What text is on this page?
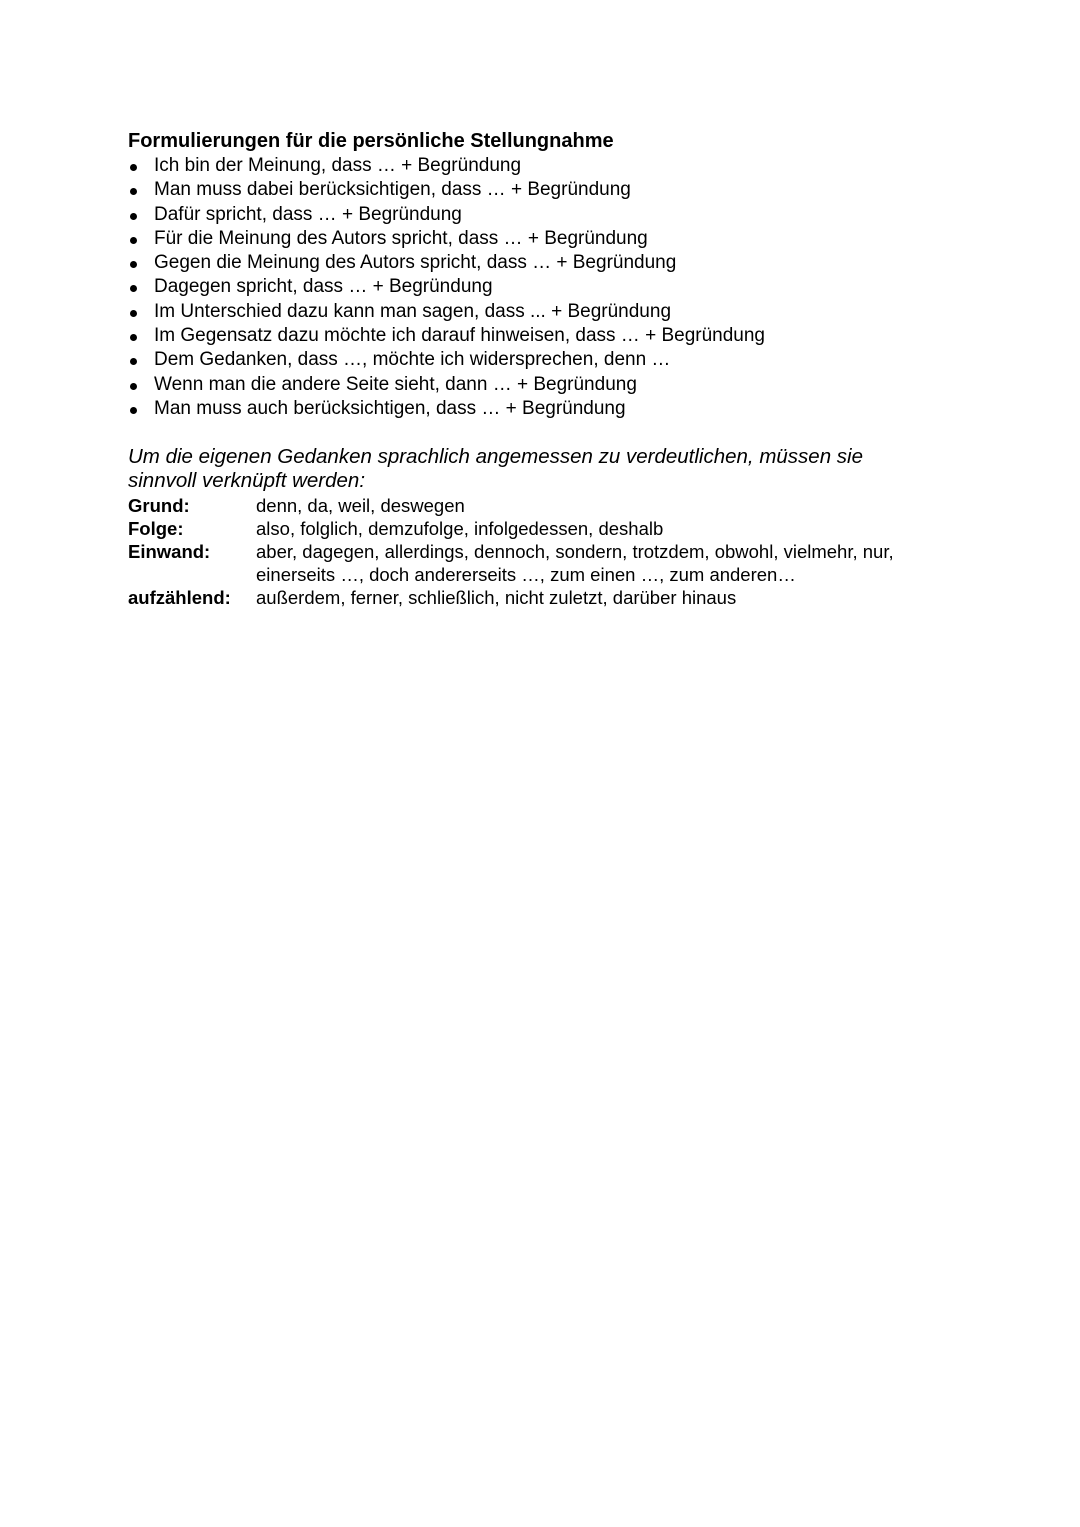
Formulierungen für die persönliche Stellungnahme
Ich bin der Meinung, dass … + Begründung
Man muss dabei berücksichtigen, dass … + Begründung
Dafür spricht, dass … + Begründung
Für die Meinung des Autors spricht, dass … + Begründung
Gegen die Meinung des Autors spricht, dass … + Begründung
Dagegen spricht, dass … + Begründung
Im Unterschied dazu kann man sagen, dass ... + Begründung
Im Gegensatz dazu möchte ich darauf hinweisen, dass … + Begründung
Dem Gedanken, dass …, möchte ich widersprechen, denn …
Wenn man die andere Seite sieht, dann … + Begründung
Man muss auch berücksichtigen, dass … + Begründung

Um die eigenen Gedanken sprachlich angemessen zu verdeutlichen, müssen sie sinnvoll verknüpft werden:

Grund:	denn, da, weil, deswegen
Folge:	also, folglich, demzufolge, infolgedessen, deshalb
Einwand:	aber, dagegen, allerdings, dennoch, sondern, trotzdem, obwohl, vielmehr, nur, einerseits …, doch andererseits …, zum einen …, zum anderen…
aufzählend:	außerdem, ferner, schließlich, nicht zuletzt, darüber hinaus
